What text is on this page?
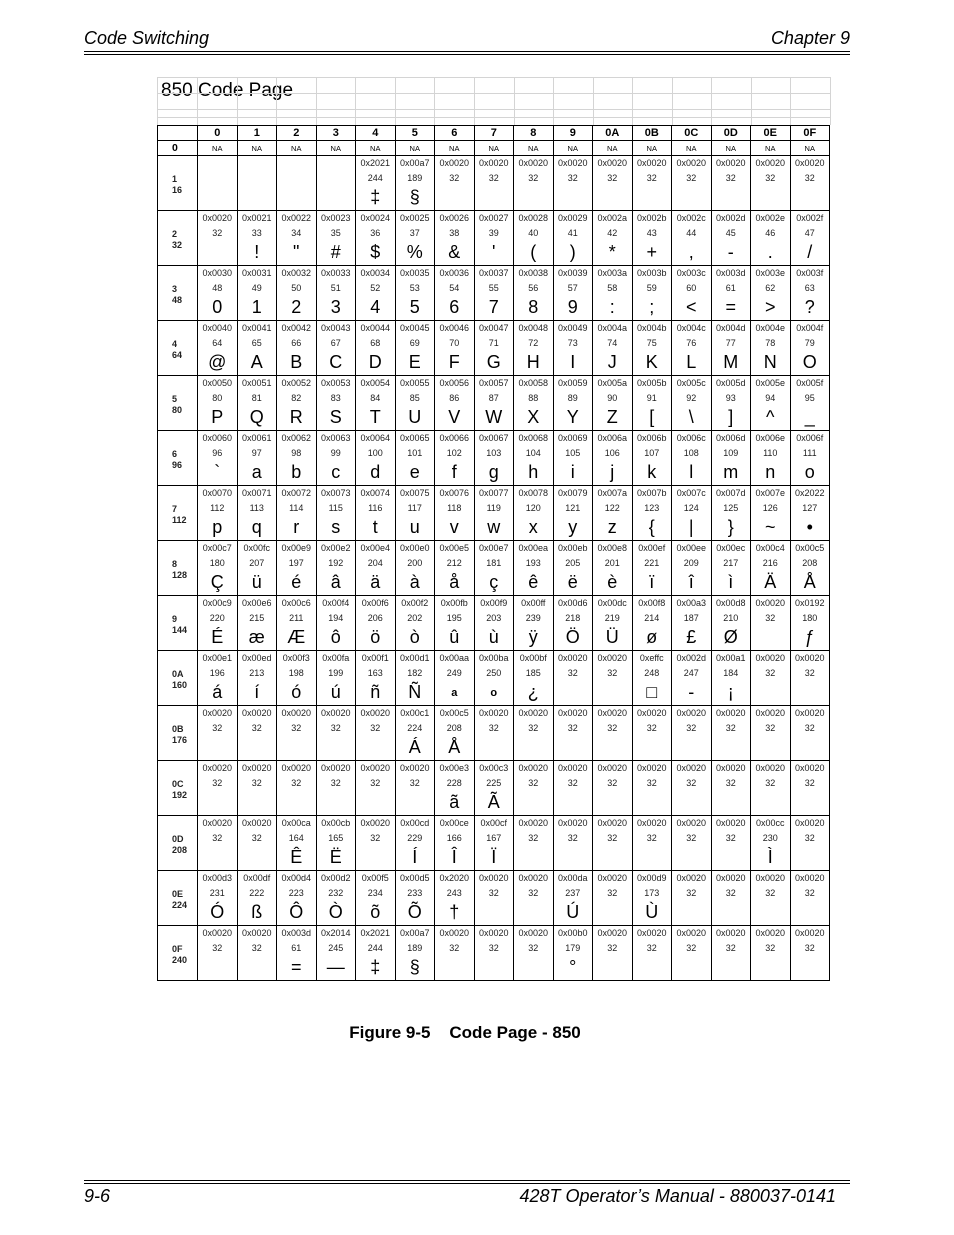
Code Switching	Chapter 9
850 Code Page
	0	1	2	3	4	5	6	7	8	9	0A	0B	0C	0D	0E	0F
0	NA	NA	NA	NA	NA	NA	NA	NA	NA	NA	NA	NA	NA	NA	NA	NA

1
16					0x2021	0x00a7	0x0020	0x0020	0x0020	0x0020	0x0020	0x0020	0x0020	0x0020	0x0020	0x0020
					244	189	32	32	32	32	32	32	32	32	32	32
					‡	§										

2
32	0x0020	0x0021	0x0022	0x0023	0x0024	0x0025	0x0026	0x0027	0x0028	0x0029	0x002a	0x002b	0x002c	0x002d	0x002e	0x002f
	32	33	34	35	36	37	38	39	40	41	42	43	44	45	46	47
		!	"	#	$	%	&	'	(	)	*	+	,	-	.	/

3
48	0x0030	0x0031	0x0032	0x0033	0x0034	0x0035	0x0036	0x0037	0x0038	0x0039	0x003a	0x003b	0x003c	0x003d	0x003e	0x003f
	48	49	50	51	52	53	54	55	56	57	58	59	60	61	62	63
	0	1	2	3	4	5	6	7	8	9	:	;	<	=	>	?

4
64	0x0040	0x0041	0x0042	0x0043	0x0044	0x0045	0x0046	0x0047	0x0048	0x0049	0x004a	0x004b	0x004c	0x004d	0x004e	0x004f
	64	65	66	67	68	69	70	71	72	73	74	75	76	77	78	79
	@	A	B	C	D	E	F	G	H	I	J	K	L	M	N	O

5
80	0x0050	0x0051	0x0052	0x0053	0x0054	0x0055	0x0056	0x0057	0x0058	0x0059	0x005a	0x005b	0x005c	0x005d	0x005e	0x005f
	80	81	82	83	84	85	86	87	88	89	90	91	92	93	94	95
	P	Q	R	S	T	U	V	W	X	Y	Z	[	\	]	^	_

6
96	0x0060	0x0061	0x0062	0x0063	0x0064	0x0065	0x0066	0x0067	0x0068	0x0069	0x006a	0x006b	0x006c	0x006d	0x006e	0x006f
	96	97	98	99	100	101	102	103	104	105	106	107	108	109	110	111
	`	a	b	c	d	e	f	g	h	i	j	k	l	m	n	o

7
112	0x0070	0x0071	0x0072	0x0073	0x0074	0x0075	0x0076	0x0077	0x0078	0x0079	0x007a	0x007b	0x007c	0x007d	0x007e	0x2022
	112	113	114	115	116	117	118	119	120	121	122	123	124	125	126	127
	p	q	r	s	t	u	v	w	x	y	z	{	|	}	~	•

8
128	0x00c7	0x00fc	0x00e9	0x00e2	0x00e4	0x00e0	0x00e5	0x00e7	0x00ea	0x00eb	0x00e8	0x00ef	0x00ee	0x00ec	0x00c4	0x00c5
	180	207	197	192	204	200	212	181	193	205	201	221	209	217	216	208
	Ç	ü	é	â	ä	à	å	ç	ê	ë	è	ï	î	ì	Ä	Å

9
144	0x00c9	0x00e6	0x00c6	0x00f4	0x00f6	0x00f2	0x00fb	0x00f9	0x00ff	0x00d6	0x00dc	0x00f8	0x00a3	0x00d8	0x0020	0x0192
	220	215	211	194	206	202	195	203	239	218	219	214	187	210	32	180
	É	æ	Æ	ô	ö	ò	û	ù	ÿ	Ö	Ü	ø	£	Ø		ƒ

0A
160	0x00e1	0x00ed	0x00f3	0x00fa	0x00f1	0x00d1	0x00aa	0x00ba	0x00bf	0x0020	0x0020	0xeffc	0x002d	0x00a1	0x0020	0x0020
	196	213	198	199	163	182	249	250	185	32	32	248	247	184	32	32
	á	í	ó	ú	ñ	Ñ	a	o	¿			□	-	¡		

0B
176	0x0020	0x0020	0x0020	0x0020	0x0020	0x00c1	0x00c5	0x0020	0x0020	0x0020	0x0020	0x0020	0x0020	0x0020	0x0020	0x0020
	32	32	32	32	32	224	208	32	32	32	32	32	32	32	32	32
						Á	Å									

0C
192	0x0020	0x0020	0x0020	0x0020	0x0020	0x0020	0x00e3	0x00c3	0x0020	0x0020	0x0020	0x0020	0x0020	0x0020	0x0020	0x0020
	32	32	32	32	32	32	228	225	32	32	32	32	32	32	32	32
							ã	Ã								

0D
208	0x0020	0x0020	0x00ca	0x00cb	0x0020	0x00cd	0x00ce	0x00cf	0x0020	0x0020	0x0020	0x0020	0x0020	0x0020	0x00cc	0x0020
	32	32	164	165	32	229	166	167	32	32	32	32	32	32	230	32
			Ê	Ë		Í	Î	Ï							Ì	

0E
224	0x00d3	0x00df	0x00d4	0x00d2	0x00f5	0x00d5	0x2020	0x0020	0x0020	0x00da	0x0020	0x00d9	0x0020	0x0020	0x0020	0x0020
	231	222	223	232	234	233	243	32	32	237	32	173	32	32	32	32
	Ó	ß	Ô	Ò	õ	Õ	†			Ú		Ù				

0F
240	0x0020	0x0020	0x003d	0x2014	0x2021	0x00a7	0x0020	0x0020	0x0020	0x00b0	0x0020	0x0020	0x0020	0x0020	0x0020	0x0020
	32	32	61	245	244	189	32	32	32	179	32	32	32	32	32	32
			=	—	‡	§				°						
Figure 9-5    Code Page - 850
9-6	428T Operator’s Manual - 880037-0141
